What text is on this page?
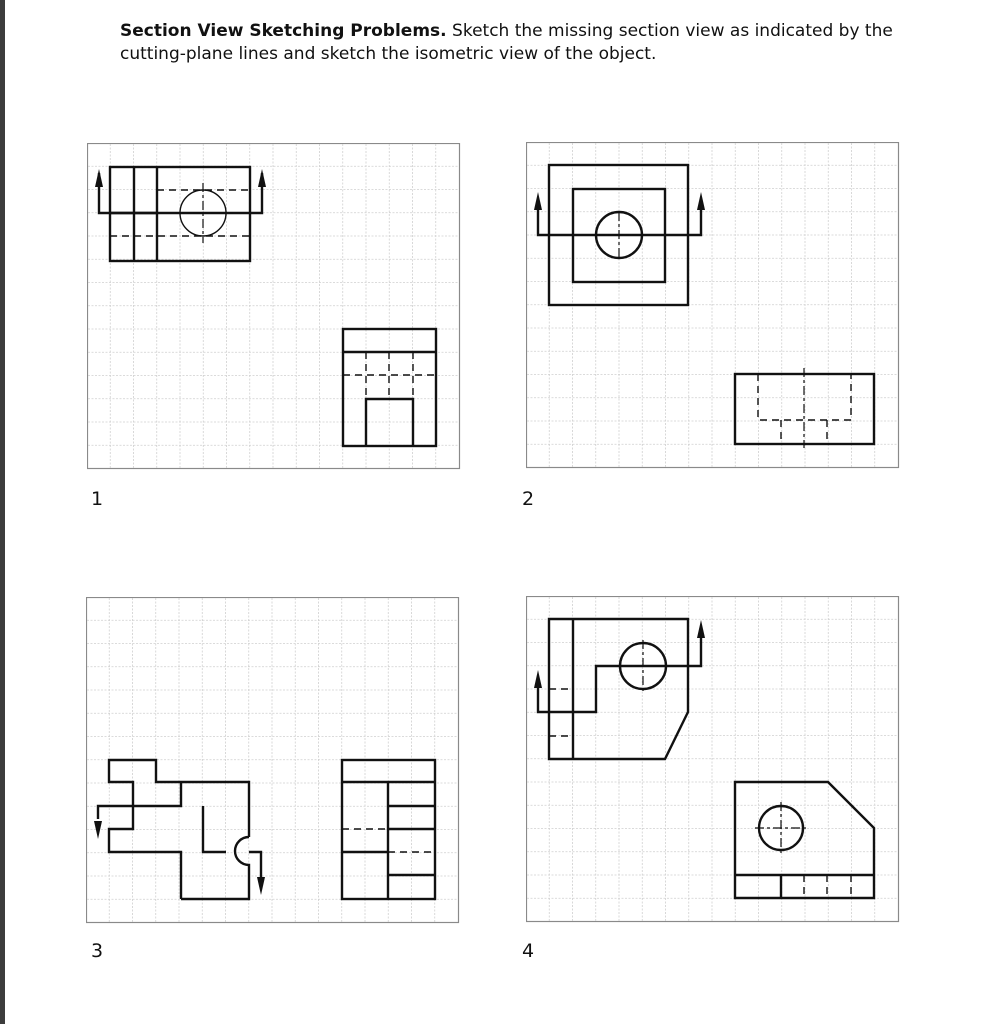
Section View Sketching Problems. Sketch the missing section view as indicated by the cutting-plane lines and sketch the isometric view of the object.
1	2
3	4
